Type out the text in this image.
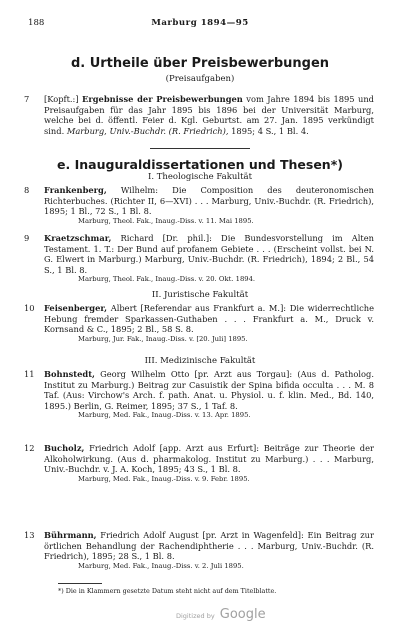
188	Marburg 1894—95
d. Urtheile über Preisbewerbungen
(Preisaufgaben)
7 [Kopft.:] Ergebnisse der Preisbewerbungen vom Jahre 1894 bis 1895 und Preisaufgaben für das Jahr 1895 bis 1896 bei der Universität Marburg, welche bei d. öffentl. Feier d. Kgl. Geburtst. am 27. Jan. 1895 verkündigt sind. Marburg, Univ.-Buchdr. (R. Friedrich), 1895; 4 S., 1 Bl. 4.
e. Inauguraldissertationen und Thesen*)
I. Theologische Fakultät
8 Frankenberg, Wilhelm: Die Composition des deuteronomischen Richterbuches. (Richter II, 6—XVI) . . . Marburg, Univ.-Buchdr. (R. Friedrich), 1895; 1 Bl., 72 S., 1 Bl. 8.
Marburg, Theol. Fak., Inaug.-Diss. v. 11. Mai 1895.
9 Kraetzschmar, Richard [Dr. phil.]: Die Bundesvorstellung im Alten Testament. 1. T.: Der Bund auf profanem Gebiete . . . (Erscheint vollst. bei N. G. Elwert in Marburg.) Marburg, Univ.-Buchdr. (R. Friedrich), 1894; 2 Bl., 54 S., 1 Bl. 8.
Marburg, Theol. Fak., Inaug.-Diss. v. 20. Okt. 1894.
II. Juristische Fakultät
10 Feisenberger, Albert [Referendar aus Frankfurt a. M.]: Die widerrechtliche Hebung fremder Sparkassen-Guthaben . . . Frankfurt a. M., Druck v. Kornsand & C., 1895; 2 Bl., 58 S. 8.
Marburg, Jur. Fak., Inaug.-Diss. v. [20. Juli] 1895.
III. Medizinische Fakultät
11 Bohnstedt, Georg Wilhelm Otto [pr. Arzt aus Torgau]: (Aus d. Patholog. Institut zu Marburg.) Beitrag zur Casuistik der Spina bifida occulta . . . M. 8 Taf. (Aus: Virchow's Arch. f. path. Anat. u. Physiol. u. f. klin. Med., Bd. 140, 1895.) Berlin, G. Reimer, 1895; 37 S., 1 Taf. 8.
Marburg, Med. Fak., Inaug.-Diss. v. 13. Apr. 1895.
12 Bucholz, Friedrich Adolf [app. Arzt aus Erfurt]: Beiträge zur Theorie der Alkoholwirkung. (Aus d. pharmakolog. Institut zu Marburg.) . . . Marburg, Univ.-Buchdr. v. J. A. Koch, 1895; 43 S., 1 Bl. 8.
Marburg, Med. Fak., Inaug.-Diss. v. 9. Febr. 1895.
13 Bührmann, Friedrich Adolf August [pr. Arzt in Wagenfeld]: Ein Beitrag zur örtlichen Behandlung der Rachendiphtherie . . . Marburg, Univ.-Buchdr. (R. Friedrich), 1895; 28 S., 1 Bl. 8.
Marburg, Med. Fak., Inaug.-Diss. v. 2. Juli 1895.
*) Die in Klammern gesetzte Datum steht nicht auf dem Titelblatte.
Digitized by Google
